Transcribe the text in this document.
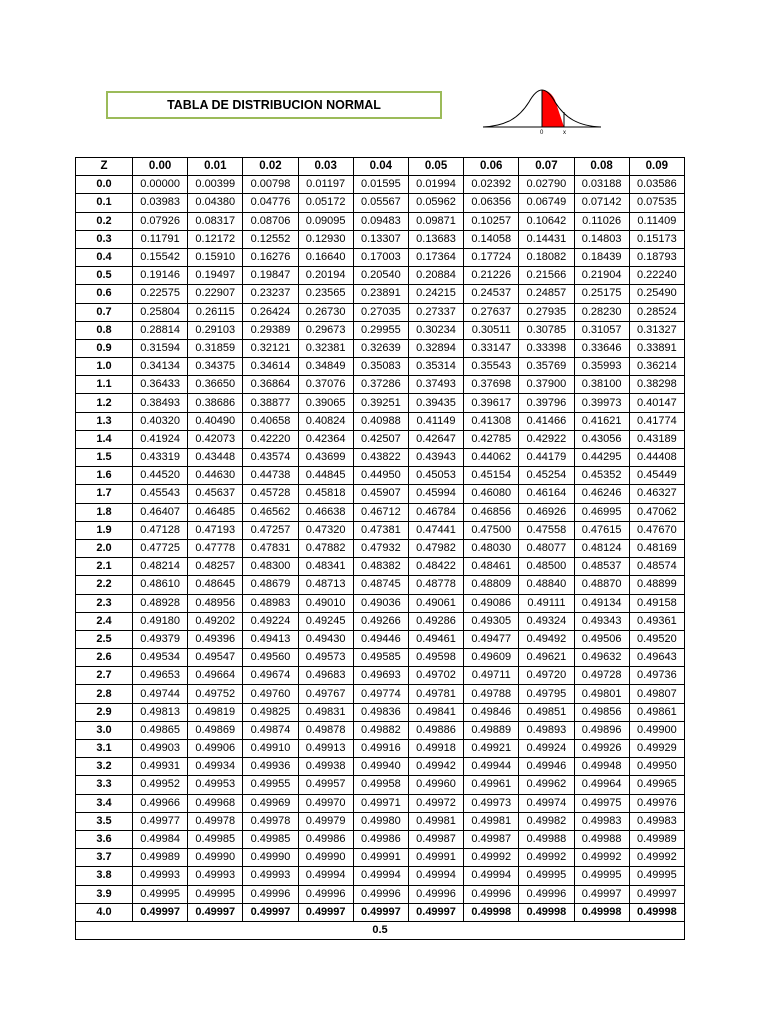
TABLA DE DISTRIBUCION NORMAL
0	x
Z	0.00	0.01	0.02	0.03	0.04	0.05	0.06	0.07	0.08	0.09
0.0	0.00000	0.00399	0.00798	0.01197	0.01595	0.01994	0.02392	0.02790	0.03188	0.03586
0.1	0.03983	0.04380	0.04776	0.05172	0.05567	0.05962	0.06356	0.06749	0.07142	0.07535
0.2	0.07926	0.08317	0.08706	0.09095	0.09483	0.09871	0.10257	0.10642	0.11026	0.11409
0.3	0.11791	0.12172	0.12552	0.12930	0.13307	0.13683	0.14058	0.14431	0.14803	0.15173
0.4	0.15542	0.15910	0.16276	0.16640	0.17003	0.17364	0.17724	0.18082	0.18439	0.18793
0.5	0.19146	0.19497	0.19847	0.20194	0.20540	0.20884	0.21226	0.21566	0.21904	0.22240
0.6	0.22575	0.22907	0.23237	0.23565	0.23891	0.24215	0.24537	0.24857	0.25175	0.25490
0.7	0.25804	0.26115	0.26424	0.26730	0.27035	0.27337	0.27637	0.27935	0.28230	0.28524
0.8	0.28814	0.29103	0.29389	0.29673	0.29955	0.30234	0.30511	0.30785	0.31057	0.31327
0.9	0.31594	0.31859	0.32121	0.32381	0.32639	0.32894	0.33147	0.33398	0.33646	0.33891
1.0	0.34134	0.34375	0.34614	0.34849	0.35083	0.35314	0.35543	0.35769	0.35993	0.36214
1.1	0.36433	0.36650	0.36864	0.37076	0.37286	0.37493	0.37698	0.37900	0.38100	0.38298
1.2	0.38493	0.38686	0.38877	0.39065	0.39251	0.39435	0.39617	0.39796	0.39973	0.40147
1.3	0.40320	0.40490	0.40658	0.40824	0.40988	0.41149	0.41308	0.41466	0.41621	0.41774
1.4	0.41924	0.42073	0.42220	0.42364	0.42507	0.42647	0.42785	0.42922	0.43056	0.43189
1.5	0.43319	0.43448	0.43574	0.43699	0.43822	0.43943	0.44062	0.44179	0.44295	0.44408
1.6	0.44520	0.44630	0.44738	0.44845	0.44950	0.45053	0.45154	0.45254	0.45352	0.45449
1.7	0.45543	0.45637	0.45728	0.45818	0.45907	0.45994	0.46080	0.46164	0.46246	0.46327
1.8	0.46407	0.46485	0.46562	0.46638	0.46712	0.46784	0.46856	0.46926	0.46995	0.47062
1.9	0.47128	0.47193	0.47257	0.47320	0.47381	0.47441	0.47500	0.47558	0.47615	0.47670
2.0	0.47725	0.47778	0.47831	0.47882	0.47932	0.47982	0.48030	0.48077	0.48124	0.48169
2.1	0.48214	0.48257	0.48300	0.48341	0.48382	0.48422	0.48461	0.48500	0.48537	0.48574
2.2	0.48610	0.48645	0.48679	0.48713	0.48745	0.48778	0.48809	0.48840	0.48870	0.48899
2.3	0.48928	0.48956	0.48983	0.49010	0.49036	0.49061	0.49086	0.49111	0.49134	0.49158
2.4	0.49180	0.49202	0.49224	0.49245	0.49266	0.49286	0.49305	0.49324	0.49343	0.49361
2.5	0.49379	0.49396	0.49413	0.49430	0.49446	0.49461	0.49477	0.49492	0.49506	0.49520
2.6	0.49534	0.49547	0.49560	0.49573	0.49585	0.49598	0.49609	0.49621	0.49632	0.49643
2.7	0.49653	0.49664	0.49674	0.49683	0.49693	0.49702	0.49711	0.49720	0.49728	0.49736
2.8	0.49744	0.49752	0.49760	0.49767	0.49774	0.49781	0.49788	0.49795	0.49801	0.49807
2.9	0.49813	0.49819	0.49825	0.49831	0.49836	0.49841	0.49846	0.49851	0.49856	0.49861
3.0	0.49865	0.49869	0.49874	0.49878	0.49882	0.49886	0.49889	0.49893	0.49896	0.49900
3.1	0.49903	0.49906	0.49910	0.49913	0.49916	0.49918	0.49921	0.49924	0.49926	0.49929
3.2	0.49931	0.49934	0.49936	0.49938	0.49940	0.49942	0.49944	0.49946	0.49948	0.49950
3.3	0.49952	0.49953	0.49955	0.49957	0.49958	0.49960	0.49961	0.49962	0.49964	0.49965
3.4	0.49966	0.49968	0.49969	0.49970	0.49971	0.49972	0.49973	0.49974	0.49975	0.49976
3.5	0.49977	0.49978	0.49978	0.49979	0.49980	0.49981	0.49981	0.49982	0.49983	0.49983
3.6	0.49984	0.49985	0.49985	0.49986	0.49986	0.49987	0.49987	0.49988	0.49988	0.49989
3.7	0.49989	0.49990	0.49990	0.49990	0.49991	0.49991	0.49992	0.49992	0.49992	0.49992
3.8	0.49993	0.49993	0.49993	0.49994	0.49994	0.49994	0.49994	0.49995	0.49995	0.49995
3.9	0.49995	0.49995	0.49996	0.49996	0.49996	0.49996	0.49996	0.49996	0.49997	0.49997
4.0	0.49997	0.49997	0.49997	0.49997	0.49997	0.49997	0.49998	0.49998	0.49998	0.49998
0.5										
